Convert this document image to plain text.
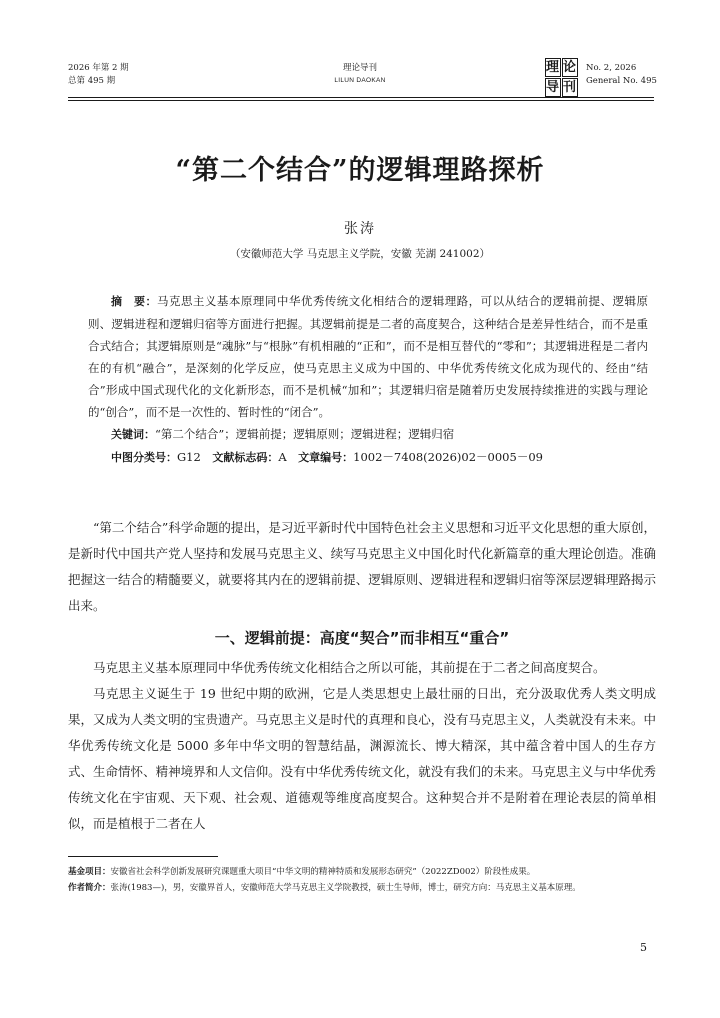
2026 年第 2 期
总第 495 期
理论导刊
LILUN DAOKAN
理 论
导 刊
No. 2, 2026
General No. 495
“第二个结合”的逻辑理路探析
张涛
（安徽师范大学 马克思主义学院，安徽 芜湖 241002）

摘　要：马克思主义基本原理同中华优秀传统文化相结合的逻辑理路，可以从结合的逻辑前提、逻辑原则、逻辑进程和逻辑归宿等方面进行把握。其逻辑前提是二者的高度契合，这种结合是差异性结合，而不是重合式结合；其逻辑原则是“魂脉”与“根脉”有机相融的“正和”，而不是相互替代的“零和”；其逻辑进程是二者内在的有机“融合”，是深刻的化学反应，使马克思主义成为中国的、中华优秀传统文化成为现代的、经由“结合”形成中国式现代化的文化新形态，而不是机械“加和”；其逻辑归宿是随着历史发展持续推进的实践与理论的“创合”，而不是一次性的、暂时性的“闭合”。

关键词：“第二个结合”；逻辑前提；逻辑原则；逻辑进程；逻辑归宿

中图分类号：G12  文献标志码：A  文章编号：1002－7408(2026)02－0005－09

“第二个结合”科学命题的提出，是习近平新时代中国特色社会主义思想和习近平文化思想的重大原创，是新时代中国共产党人坚持和发展马克思主义、续写马克思主义中国化时代化新篇章的重大理论创造。准确把握这一结合的精髓要义，就要将其内在的逻辑前提、逻辑原则、逻辑进程和逻辑归宿等深层逻辑理路揭示出来。

一、逻辑前提：高度“契合”而非相互“重合”

马克思主义基本原理同中华优秀传统文化相结合之所以可能，其前提在于二者之间高度契合。

马克思主义诞生于 19 世纪中期的欧洲，它是人类思想史上最壮丽的日出，充分汲取优秀人类文明成果，又成为人类文明的宝贵遗产。马克思主义是时代的真理和良心，没有马克思主义，人类就没有未来。中华优秀传统文化是 5000 多年中华文明的智慧结晶，渊源流长、博大精深，其中蕴含着中国人的生存方式、生命情怀、精神境界和人文信仰。没有中华优秀传统文化，就没有我们的未来。马克思主义与中华优秀传统文化在宇宙观、天下观、社会观、道德观等维度高度契合。这种契合并不是附着在理论表层的简单相似，而是植根于二者在人

基金项目：安徽省社会科学创新发展研究课题重大项目“中华文明的精神特质和发展形态研究”（2022ZD002）阶段性成果。

作者简介：张涛(1983—)，男，安徽界首人，安徽师范大学马克思主义学院教授，硕士生导师，博士，研究方向：马克思主义基本原理。

5
